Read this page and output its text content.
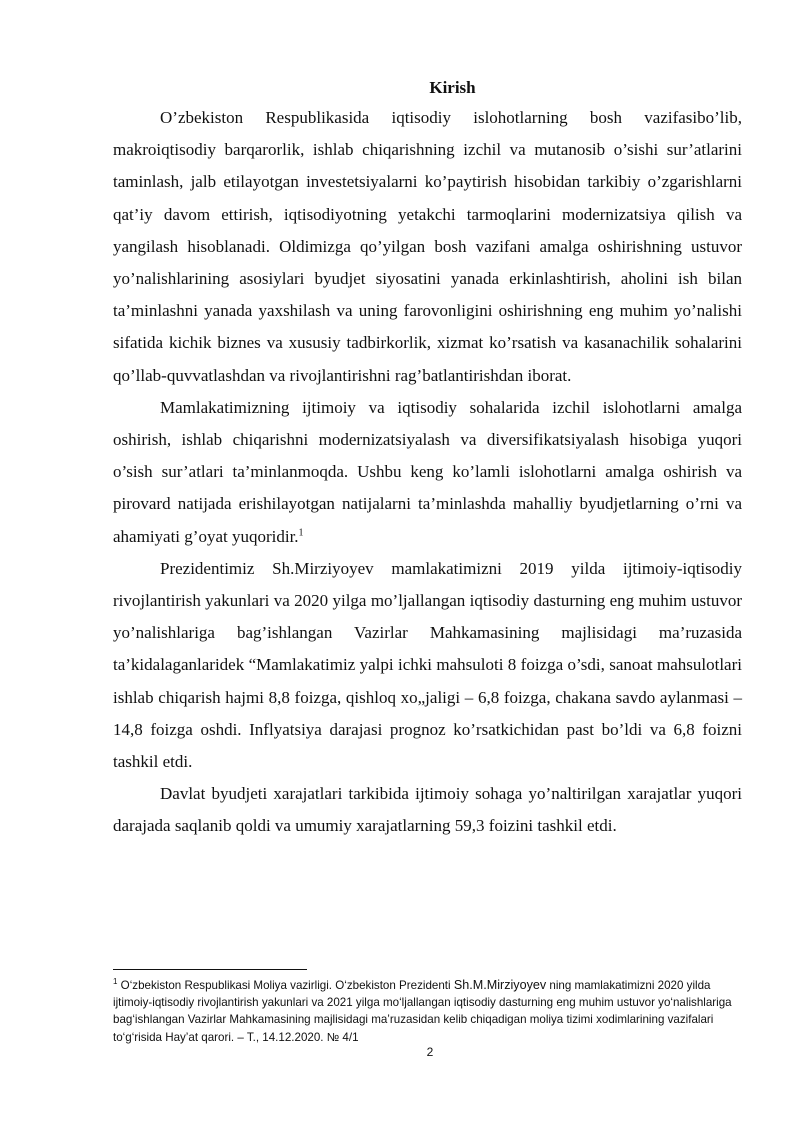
Kirish

O’zbekiston Respublikasida iqtisodiy islohotlarning bosh vazifasibo’lib, makroiqtisodiy barqarorlik, ishlab chiqarishning izchil va mutanosib o’sishi sur’atlarini taminlash, jalb etilayotgan investetsiyalarni ko’paytirish hisobidan tarkibiy o’zgarishlarni qat’iy davom ettirish, iqtisodiyotning yetakchi tarmoqlarini modernizatsiya qilish va yangilash hisoblanadi. Oldimizga qo’yilgan bosh vazifani amalga oshirishning ustuvor yo’nalishlarining asosiylari byudjet siyosatini yanada erkinlashtirish, aholini ish bilan ta’minlashni yanada yaxshilash va uning farovonligini oshirishning eng muhim yo’nalishi sifatida kichik biznes va xususiy tadbirkorlik, xizmat ko’rsatish va kasanachilik sohalarini qo’llab-quvvatlashdan va rivojlantirishni rag’batlantirishdan iborat.

Mamlakatimizning ijtimoiy va iqtisodiy sohalarida izchil islohotlarni amalga oshirish, ishlab chiqarishni modernizatsiyalash va diversifikatsiyalash hisobiga yuqori o’sish sur’atlari ta’minlanmoqda. Ushbu keng ko’lamli islohotlarni amalga oshirish va pirovard natijada erishilayotgan natijalarni ta’minlashda mahalliy byudjetlarning o’rni va ahamiyati g’oyat yuqoridir.$^1$

Prezidentimiz Sh.Mirziyoyev mamlakatimizni 2019 yilda ijtimoiy-iqtisodiy rivojlantirish yakunlari va 2020 yilga mo’ljallangan iqtisodiy dasturning eng muhim ustuvor yo’nalishlariga bag’ishlangan Vazirlar Mahkamasining majlisidagi ma’ruzasida ta’kidalaganlaridek “Mamlakatimiz yalpi ichki mahsuloti 8 foizga o’sdi, sanoat mahsulotlari ishlab chiqarish hajmi 8,8 foizga, qishloq xo„jaligi – 6,8 foizga, chakana savdo aylanmasi – 14,8 foizga oshdi. Inflyatsiya darajasi prognoz ko’rsatkichidan past bo’ldi va 6,8 foizni tashkil etdi.

Davlat byudjeti xarajatlari tarkibida ijtimoiy sohaga yo’naltirilgan xarajatlar yuqori darajada saqlanib qoldi va umumiy xarajatlarning 59,3 foizini tashkil etdi.

$^1$ O‘zbekiston Respublikasi Moliya vazirligi. O‘zbekiston Prezidenti Sh.M.Mirziyoyev ning mamlakatimizni 2020 yilda ijtimoiy-iqtisodiy rivojlantirish yakunlari va 2021 yilga mo‘ljallangan iqtisodiy dasturning eng muhim ustuvor yo‘nalishlariga bag‘ishlangan Vazirlar Mahkamasining majlisidagi ma’ruzasidan kelib chiqadigan moliya tizimi xodimlarining vazifalari to‘g‘risida Hay’at qarori. – T., 14.12.2020. № 4/1

2
